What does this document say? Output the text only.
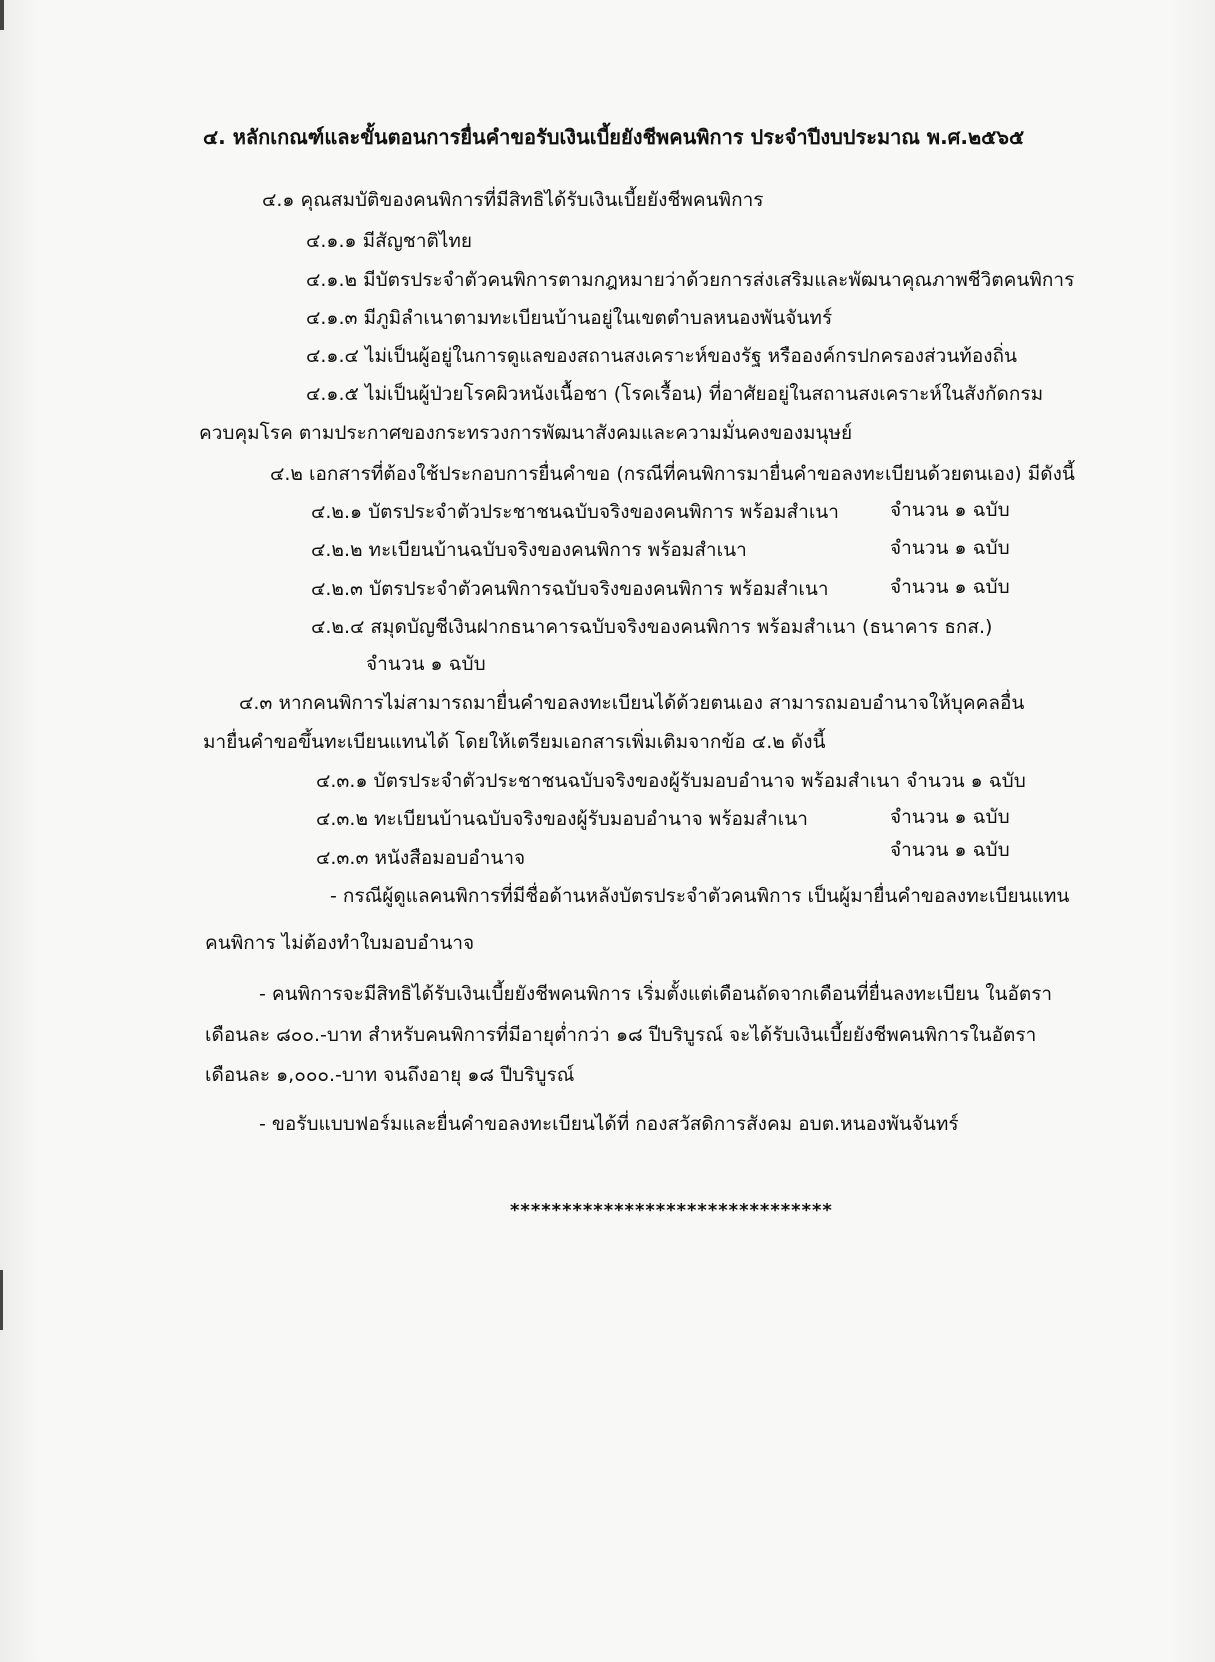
๔. หลักเกณฑ์และขั้นตอนการยื่นคำขอรับเงินเบี้ยยังชีพคนพิการ ประจำปีงบประมาณ พ.ศ.๒๕๖๕
๔.๑ คุณสมบัติของคนพิการที่มีสิทธิได้รับเงินเบี้ยยังชีพคนพิการ
๔.๑.๑ มีสัญชาติไทย
๔.๑.๒ มีบัตรประจำตัวคนพิการตามกฎหมายว่าด้วยการส่งเสริมและพัฒนาคุณภาพชีวิตคนพิการ
๔.๑.๓ มีภูมิลำเนาตามทะเบียนบ้านอยู่ในเขตตำบลหนองพันจันทร์
๔.๑.๔ ไม่เป็นผู้อยู่ในการดูแลของสถานสงเคราะห์ของรัฐ หรือองค์กรปกครองส่วนท้องถิ่น
๔.๑.๕ ไม่เป็นผู้ป่วยโรคผิวหนังเนื้อชา (โรคเรื้อน) ที่อาศัยอยู่ในสถานสงเคราะห์ในสังกัดกรม
ควบคุมโรค ตามประกาศของกระทรวงการพัฒนาสังคมและความมั่นคงของมนุษย์
๔.๒ เอกสารที่ต้องใช้ประกอบการยื่นคำขอ (กรณีที่คนพิการมายื่นคำขอลงทะเบียนด้วยตนเอง) มีดังนี้
๔.๒.๑ บัตรประจำตัวประชาชนฉบับจริงของคนพิการ พร้อมสำเนา	จำนวน ๑ ฉบับ
๔.๒.๒ ทะเบียนบ้านฉบับจริงของคนพิการ พร้อมสำเนา	จำนวน ๑ ฉบับ
๔.๒.๓ บัตรประจำตัวคนพิการฉบับจริงของคนพิการ พร้อมสำเนา	จำนวน ๑ ฉบับ
๔.๒.๔ สมุดบัญชีเงินฝากธนาคารฉบับจริงของคนพิการ พร้อมสำเนา (ธนาคาร ธกส.)
จำนวน ๑ ฉบับ
๔.๓ หากคนพิการไม่สามารถมายื่นคำขอลงทะเบียนได้ด้วยตนเอง สามารถมอบอำนาจให้บุคคลอื่น
มายื่นคำขอขึ้นทะเบียนแทนได้ โดยให้เตรียมเอกสารเพิ่มเติมจากข้อ ๔.๒ ดังนี้
๔.๓.๑ บัตรประจำตัวประชาชนฉบับจริงของผู้รับมอบอำนาจ พร้อมสำเนา จำนวน ๑ ฉบับ
๔.๓.๒ ทะเบียนบ้านฉบับจริงของผู้รับมอบอำนาจ พร้อมสำเนา	จำนวน ๑ ฉบับ
๔.๓.๓ หนังสือมอบอำนาจ	จำนวน ๑ ฉบับ
- กรณีผู้ดูแลคนพิการที่มีชื่อด้านหลังบัตรประจำตัวคนพิการ เป็นผู้มายื่นคำขอลงทะเบียนแทน
คนพิการ ไม่ต้องทำใบมอบอำนาจ
- คนพิการจะมีสิทธิได้รับเงินเบี้ยยังชีพคนพิการ เริ่มตั้งแต่เดือนถัดจากเดือนที่ยื่นลงทะเบียน ในอัตรา
เดือนละ ๘๐๐.-บาท สำหรับคนพิการที่มีอายุต่ำกว่า ๑๘ ปีบริบูรณ์ จะได้รับเงินเบี้ยยังชีพคนพิการในอัตรา
เดือนละ ๑,๐๐๐.-บาท จนถึงอายุ ๑๘ ปีบริบูรณ์
- ขอรับแบบฟอร์มและยื่นคำขอลงทะเบียนได้ที่ กองสวัสดิการสังคม อบต.หนองพันจันทร์
*******************************
